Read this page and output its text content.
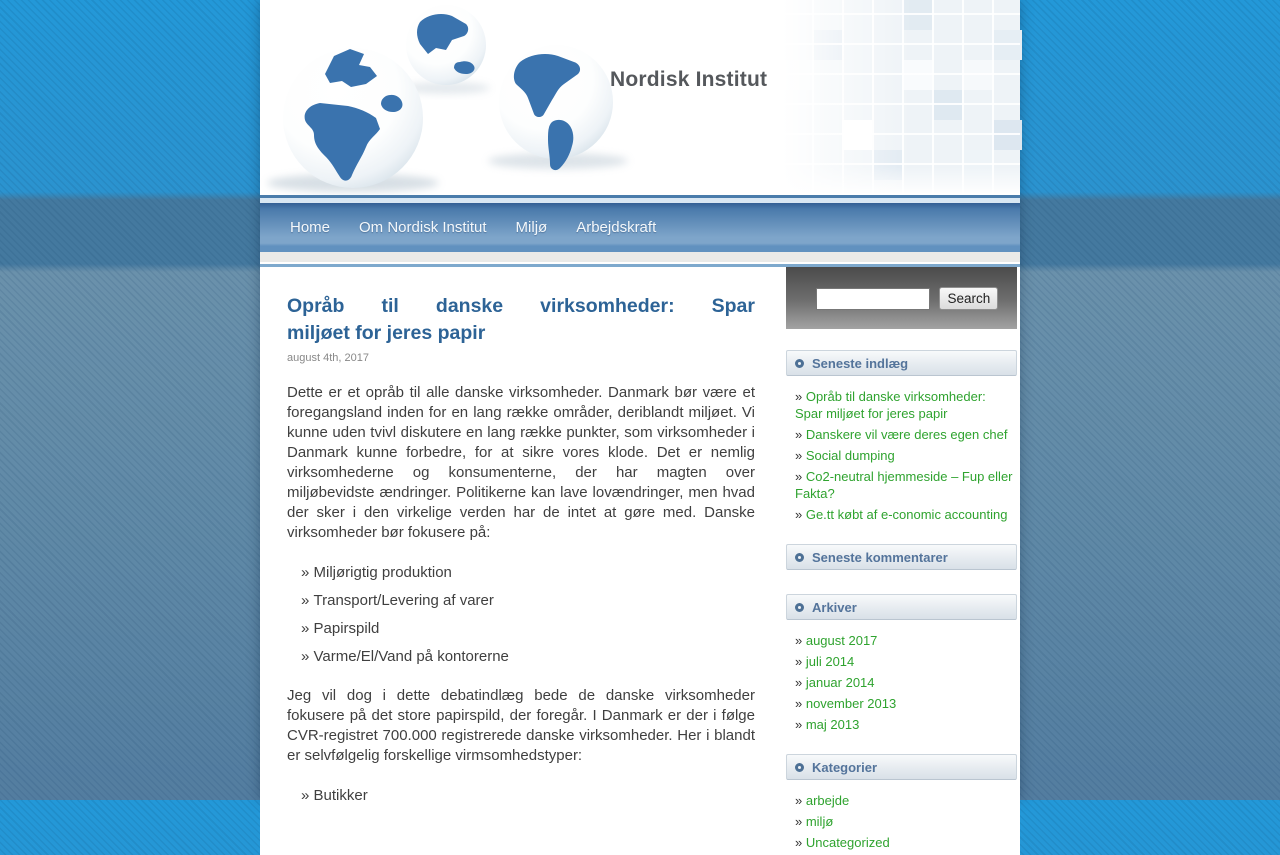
Nordisk Institut
Home Om Nordisk Institut Miljø Arbejdskraft
Opråb til danske virksomheder: Spar
miljøet for jeres papir
august 4th, 2017

Dette er et opråb til alle danske virksomheder. Danmark bør være et foregangsland inden for en lang række områder, deriblandt miljøet. Vi kunne uden tvivl diskutere en lang række punkter, som virksomheder i Danmark kunne forbedre, for at sikre vores klode. Det er nemlig virksomhederne og konsumenterne, der har magten over miljøbevidste ændringer. Politikerne kan lave lovændringer, men hvad der sker i den virkelige verden har de intet at gøre med. Danske virksomheder bør fokusere på:

» Miljørigtig produktion
» Transport/Levering af varer
» Papirspild
» Varme/El/Vand på kontorerne

Jeg vil dog i dette debatindlæg bede de danske virksomheder fokusere på det store papirspild, der foregår. I Danmark er der i følge CVR-registret 700.000 registrerede danske virksomheder. Her i blandt er selvfølgelig forskellige virmsomhedstyper:

» Butikker
Search
Seneste indlæg
» Opråb til danske virksomheder: Spar miljøet for jeres papir
» Danskere vil være deres egen chef
» Social dumping
» Co2-neutral hjemmeside – Fup eller Fakta?
» Ge.tt købt af e-conomic accounting
Seneste kommentarer
Arkiver
» august 2017
» juli 2014
» januar 2014
» november 2013
» maj 2013
Kategorier
» arbejde
» miljø
» Uncategorized
